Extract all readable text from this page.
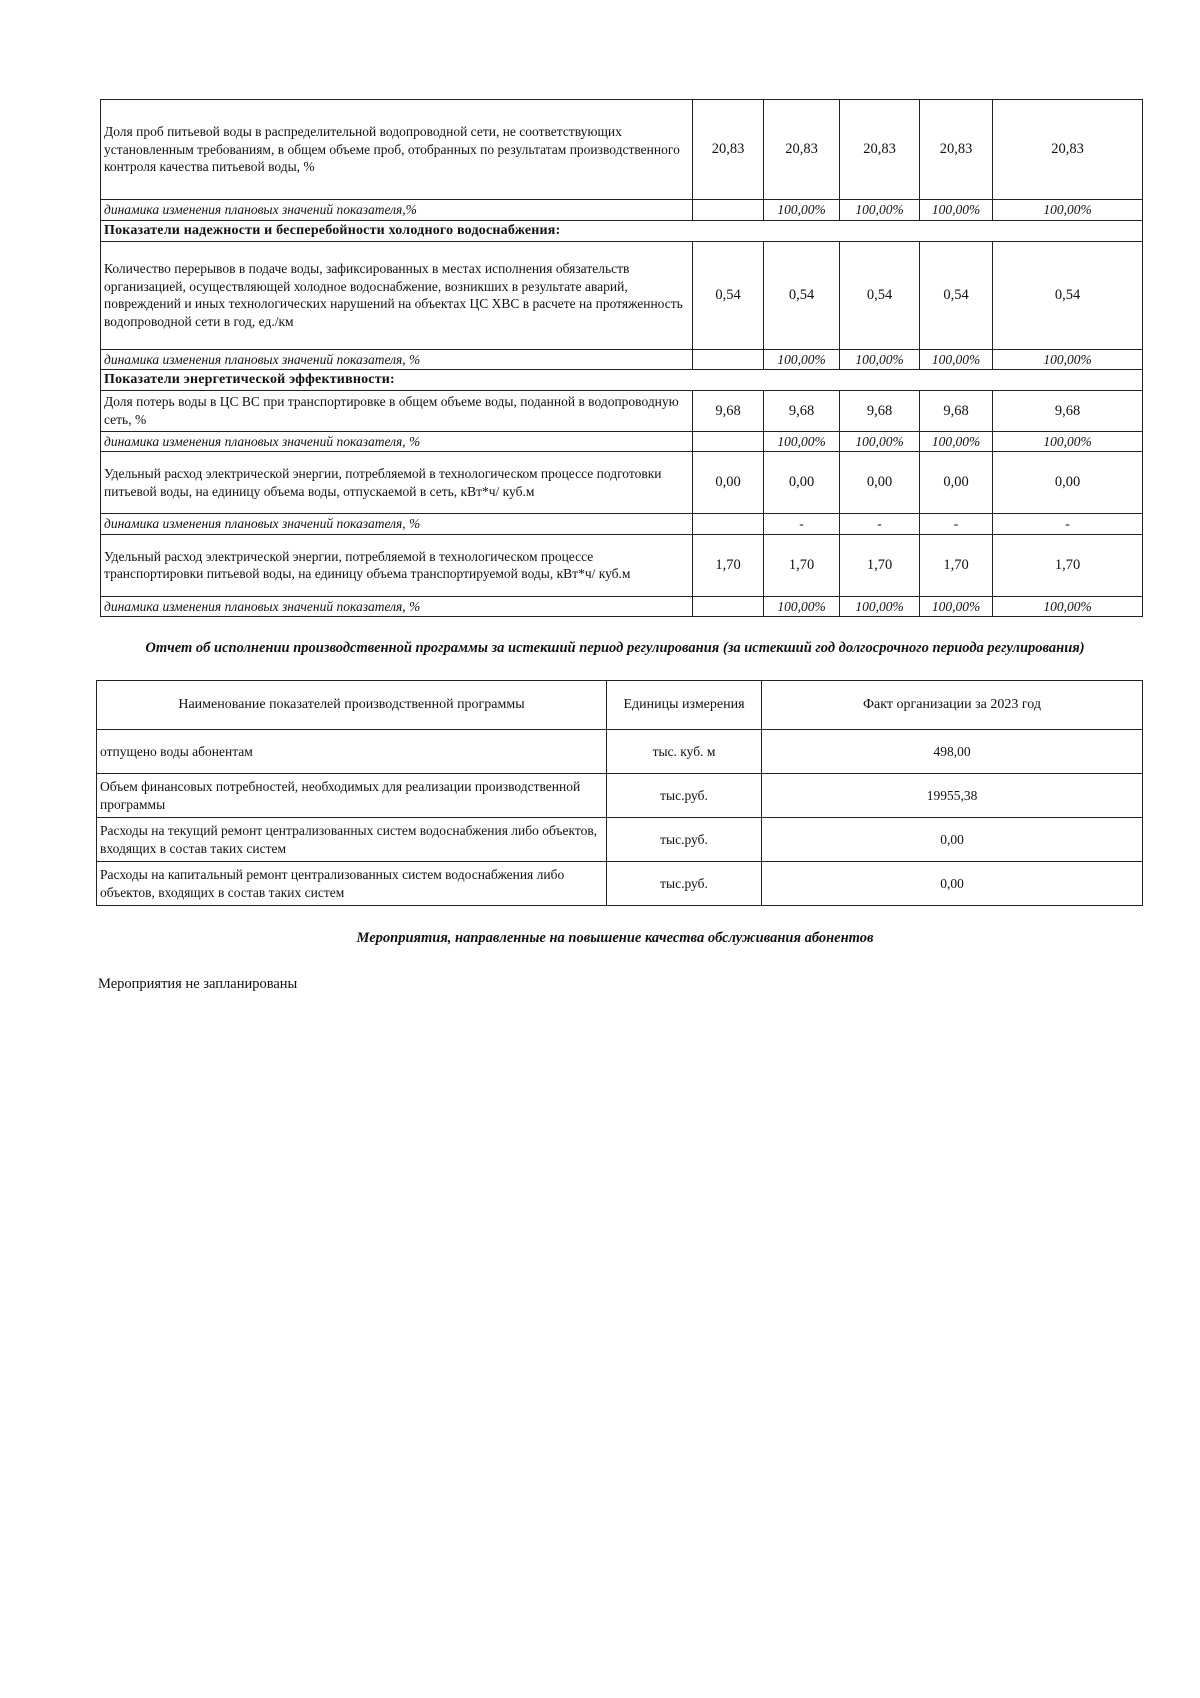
Доля проб питьевой воды в распределительной водопроводной сети, не соответствующих установленным требованиям, в общем объеме проб, отобранных по результатам производственного контроля качества питьевой воды, %	20,83	20,83	20,83	20,83	20,83
динамика изменения плановых значений показателя,%		100,00%	100,00%	100,00%	100,00%
Показатели надежности и бесперебойности холодного водоснабжения:					
Количество перерывов в подаче воды, зафиксированных в местах исполнения обязательств организацией, осуществляющей холодное водоснабжение, возникших в результате аварий, повреждений и иных технологических нарушений на объектах ЦС ХВС в расчете на протяженность водопроводной сети в год, ед./км	0,54	0,54	0,54	0,54	0,54
динамика изменения плановых значений показателя, %		100,00%	100,00%	100,00%	100,00%
Показатели энергетической эффективности:					
Доля потерь воды в ЦС ВС при транспортировке в общем объеме воды, поданной в водопроводную сеть, %	9,68	9,68	9,68	9,68	9,68
динамика изменения плановых значений показателя, %		100,00%	100,00%	100,00%	100,00%
Удельный расход электрической энергии, потребляемой в технологическом процессе подготовки питьевой воды, на единицу объема воды, отпускаемой в сеть, кВт*ч/ куб.м	0,00	0,00	0,00	0,00	0,00
динамика изменения плановых значений показателя, %		-	-	-	-
Удельный расход электрической энергии, потребляемой в технологическом процессе транспортировки питьевой воды, на единицу объема транспортируемой воды, кВт*ч/ куб.м	1,70	1,70	1,70	1,70	1,70
динамика изменения плановых значений показателя, %		100,00%	100,00%	100,00%	100,00%
Отчет об исполнении производственной программы за истекший период регулирования (за истекший год долгосрочного периода регулирования)
Наименование показателей производственной программы	Единицы измерения	Факт организации за 2023 год
отпущено воды абонентам	тыс. куб. м	498,00
Объем финансовых потребностей, необходимых для реализации производственной программы	тыс.руб.	19955,38
Расходы на текущий ремонт централизованных систем водоснабжения либо объектов, входящих в состав таких систем	тыс.руб.	0,00
Расходы на капитальный ремонт централизованных систем водоснабжения либо объектов, входящих в состав таких систем	тыс.руб.	0,00
Мероприятия, направленные на повышение качества обслуживания абонентов
Мероприятия не запланированы
